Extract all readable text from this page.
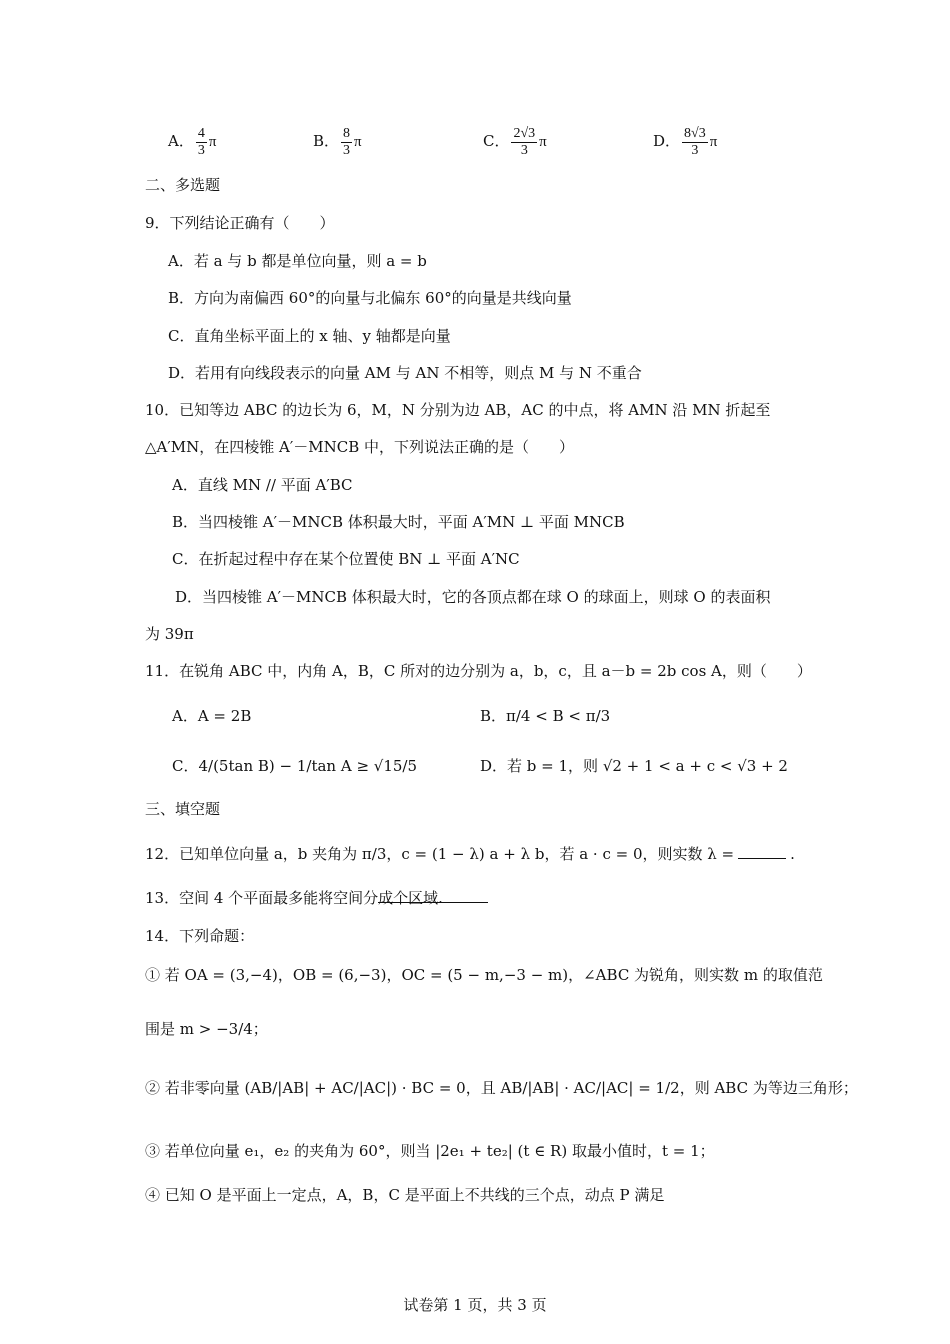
A． $\frac{4}{3}$ π	B． $\frac{8}{3}$ π	C． $\frac{2√3}{3}$ π	D． $\frac{8√3}{3}$ π
二、多选题
9．下列结论正确有（　　）
A．若 a 与 b 都是单位向量，则 a = b
B．方向为南偏西 60°的向量与北偏东 60°的向量是共线向量
C．直角坐标平面上的 x 轴、y 轴都是向量
D．若用有向线段表示的向量 AM 与 AN 不相等，则点 M 与 N 不重合
10．已知等边 ABC 的边长为 6，M，N 分别为边 AB，AC 的中点，将 AMN 沿 MN 折起至
△A′MN，在四棱锥 A′－MNCB 中，下列说法正确的是（　　）
A．直线 MN // 平面 A′BC
B．当四棱锥 A′－MNCB 体积最大时，平面 A′MN ⊥ 平面 MNCB
C．在折起过程中存在某个位置使 BN ⊥ 平面 A′NC
D．当四棱锥 A′－MNCB 体积最大时，它的各顶点都在球 O 的球面上，则球 O 的表面积
为 39π
11．在锐角 ABC 中，内角 A，B，C 所对的边分别为 a，b，c，且 a－b = 2b cos A，则（　　）
A．A = 2B	B．π/4 < B < π/3
C．4/(5tan B) − 1/tan A ≥ √15/5	D．若 b = 1，则 √2 + 1 < a + c < √3 + 2
三、填空题
12．已知单位向量 a，b 夹角为 π/3，c = (1 − λ) a + λ b，若 a · c = 0，则实数 λ =	.
13．空间 4 个平面最多能将空间分成个区域.
14．下列命题：
① 若 OA = (3,−4)，OB = (6,−3)，OC = (5 − m,−3 − m)，∠ABC 为锐角，则实数 m 的取值范
围是 m > −3/4；
② 若非零向量 (AB/|AB| + AC/|AC|) · BC = 0，且 AB/|AB| · AC/|AC| = 1/2，则 ABC 为等边三角形；
③ 若单位向量 e₁，e₂ 的夹角为 60°，则当 |2e₁ + te₂| (t ∈ R) 取最小值时，t = 1；
④ 已知 O 是平面上一定点，A，B，C 是平面上不共线的三个点，动点 P 满足
试卷第 1 页，共 3 页
